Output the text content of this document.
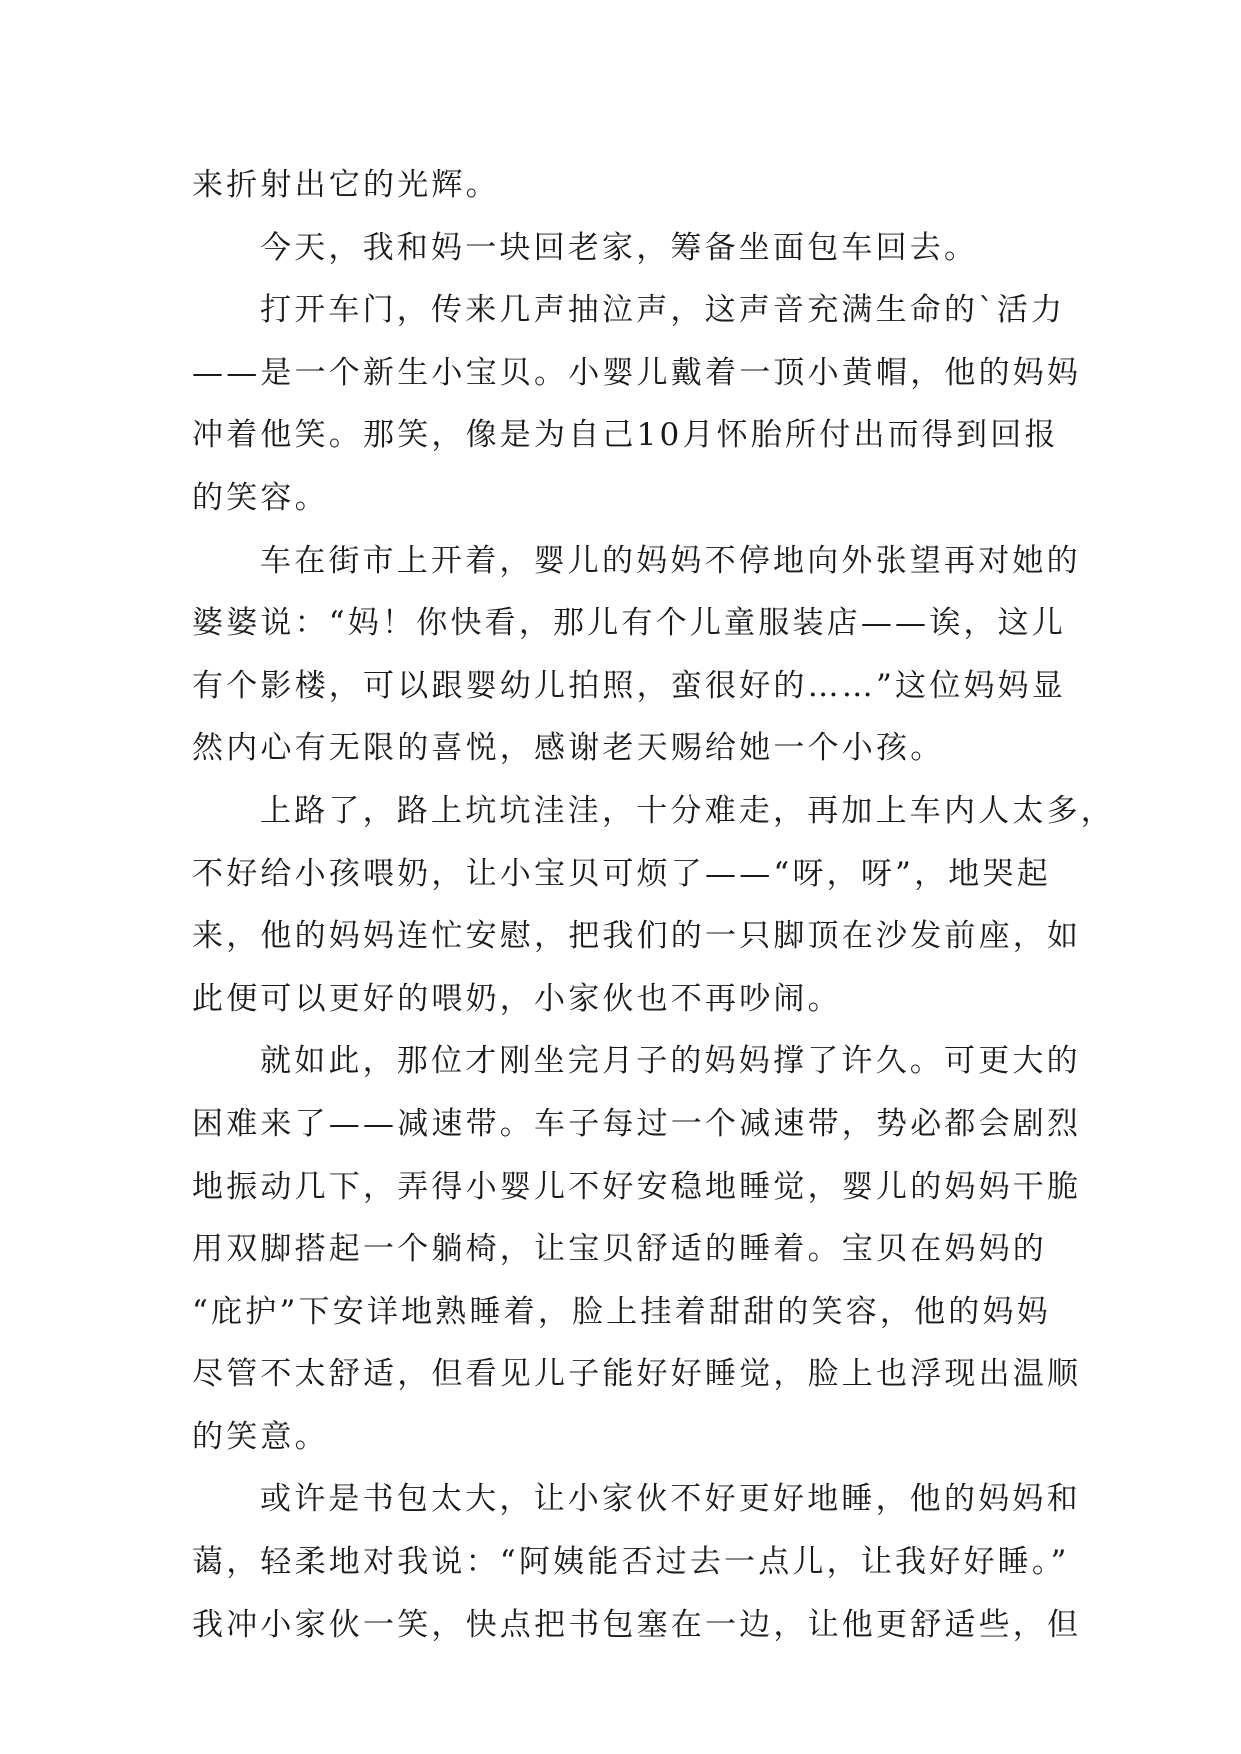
来折射出它的光辉。
今天，我和妈一块回老家，筹备坐面包车回去。
打开车门，传来几声抽泣声，这声音充满生命的`活力
——是一个新生小宝贝。小婴儿戴着一顶小黄帽，他的妈妈
冲着他笑。那笑，像是为自己10月怀胎所付出而得到回报
的笑容。
车在街市上开着，婴儿的妈妈不停地向外张望再对她的
婆婆说：“妈！你快看，那儿有个儿童服装店——诶，这儿
有个影楼，可以跟婴幼儿拍照，蛮很好的……”这位妈妈显
然内心有无限的喜悦，感谢老天赐给她一个小孩。
上路了，路上坑坑洼洼，十分难走，再加上车内人太多，
不好给小孩喂奶，让小宝贝可烦了——“呀，呀”，地哭起
来，他的妈妈连忙安慰，把我们的一只脚顶在沙发前座，如
此便可以更好的喂奶，小家伙也不再吵闹。
就如此，那位才刚坐完月子的妈妈撑了许久。可更大的
困难来了——减速带。车子每过一个减速带，势必都会剧烈
地振动几下，弄得小婴儿不好安稳地睡觉，婴儿的妈妈干脆
用双脚搭起一个躺椅，让宝贝舒适的睡着。宝贝在妈妈的
“庇护”下安详地熟睡着，脸上挂着甜甜的笑容，他的妈妈
尽管不太舒适，但看见儿子能好好睡觉，脸上也浮现出温顺
的笑意。
或许是书包太大，让小家伙不好更好地睡，他的妈妈和
蔼，轻柔地对我说：“阿姨能否过去一点儿，让我好好睡。”
我冲小家伙一笑，快点把书包塞在一边，让他更舒适些，但
